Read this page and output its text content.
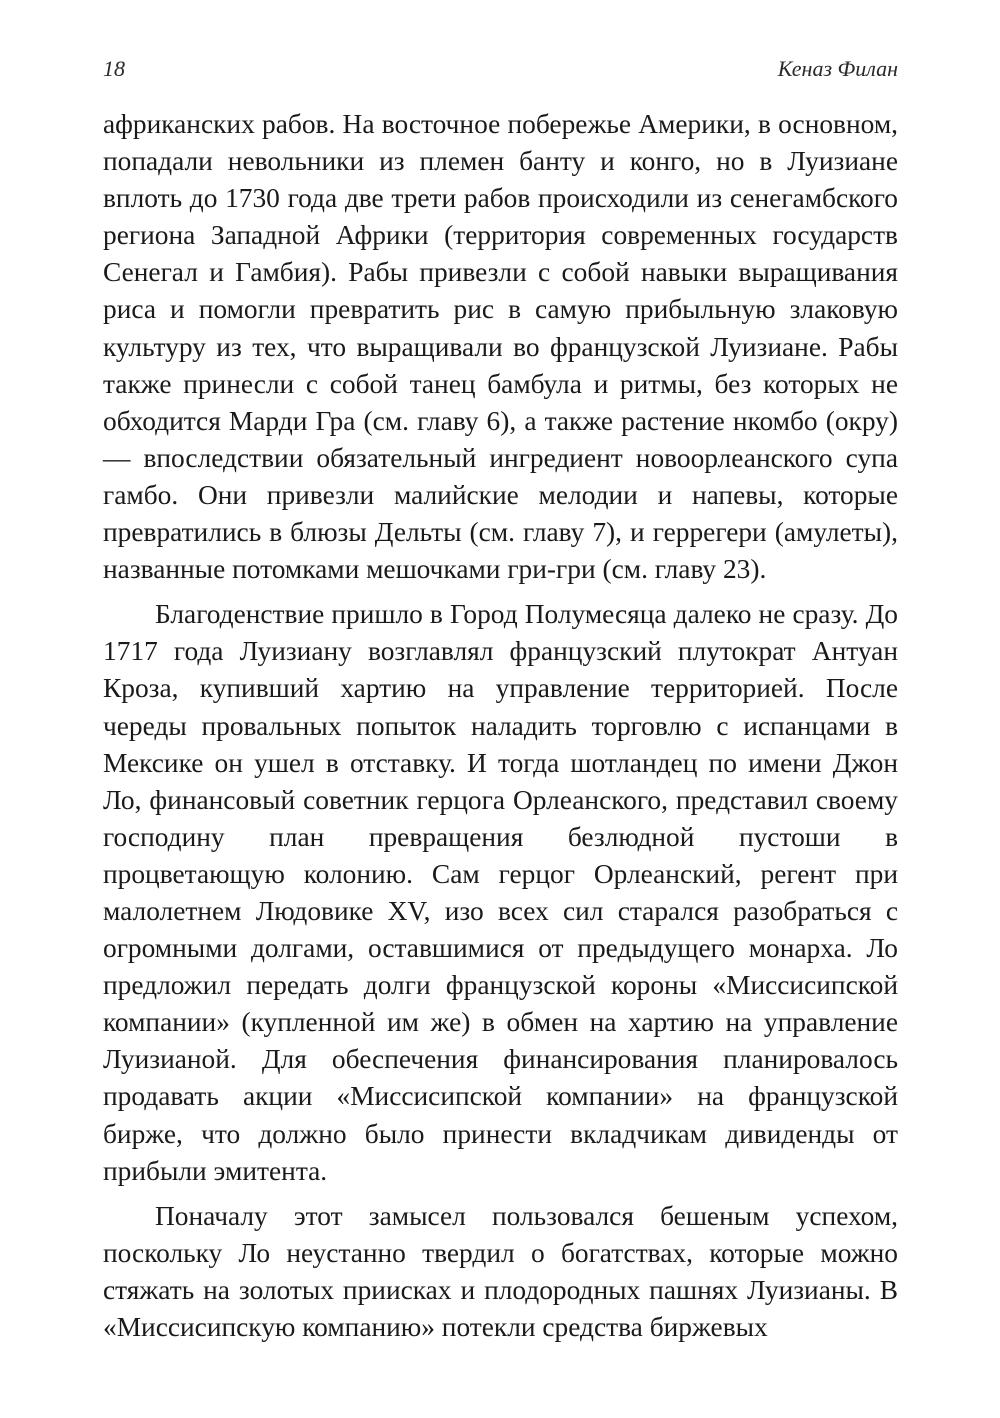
18	Кеназ Филан

африканских рабов. На восточное побережье Америки, в основном, попадали невольники из племен банту и конго, но в Луизиане вплоть до 1730 года две трети рабов происходили из сенегамбского региона Западной Африки (территория современных государств Сенегал и Гамбия). Рабы привезли с собой навыки выращивания риса и помогли превратить рис в самую прибыльную злаковую культуру из тех, что выращивали во французской Луизиане. Рабы также принесли с собой танец бамбула и ритмы, без которых не обходится Марди Гра (см. главу 6), а также растение нкомбо (окру) — впоследствии обязательный ингредиент новоорлеанского супа гамбо. Они привезли малийские мелодии и напевы, которые превратились в блюзы Дельты (см. главу 7), и геррегери (амулеты), названные потомками мешочками гри-гри (см. главу 23).

Благоденствие пришло в Город Полумесяца далеко не сразу. До 1717 года Луизиану возглавлял французский плутократ Антуан Кроза, купивший хартию на управление территорией. После череды провальных попыток наладить торговлю с испанцами в Мексике он ушел в отставку. И тогда шотландец по имени Джон Ло, финансовый советник герцога Орлеанского, представил своему господину план превращения безлюдной пустоши в процветающую колонию. Сам герцог Орлеанский, регент при малолетнем Людовике XV, изо всех сил старался разобраться с огромными долгами, оставшимися от предыдущего монарха. Ло предложил передать долги французской короны «Миссисипской компании» (купленной им же) в обмен на хартию на управление Луизианой. Для обеспечения финансирования планировалось продавать акции «Миссисипской компании» на французской бирже, что должно было принести вкладчикам дивиденды от прибыли эмитента.

Поначалу этот замысел пользовался бешеным успехом, поскольку Ло неустанно твердил о богатствах, которые можно стяжать на золотых приисках и плодородных пашнях Луизианы. В «Миссисипскую компанию» потекли средства биржевых
